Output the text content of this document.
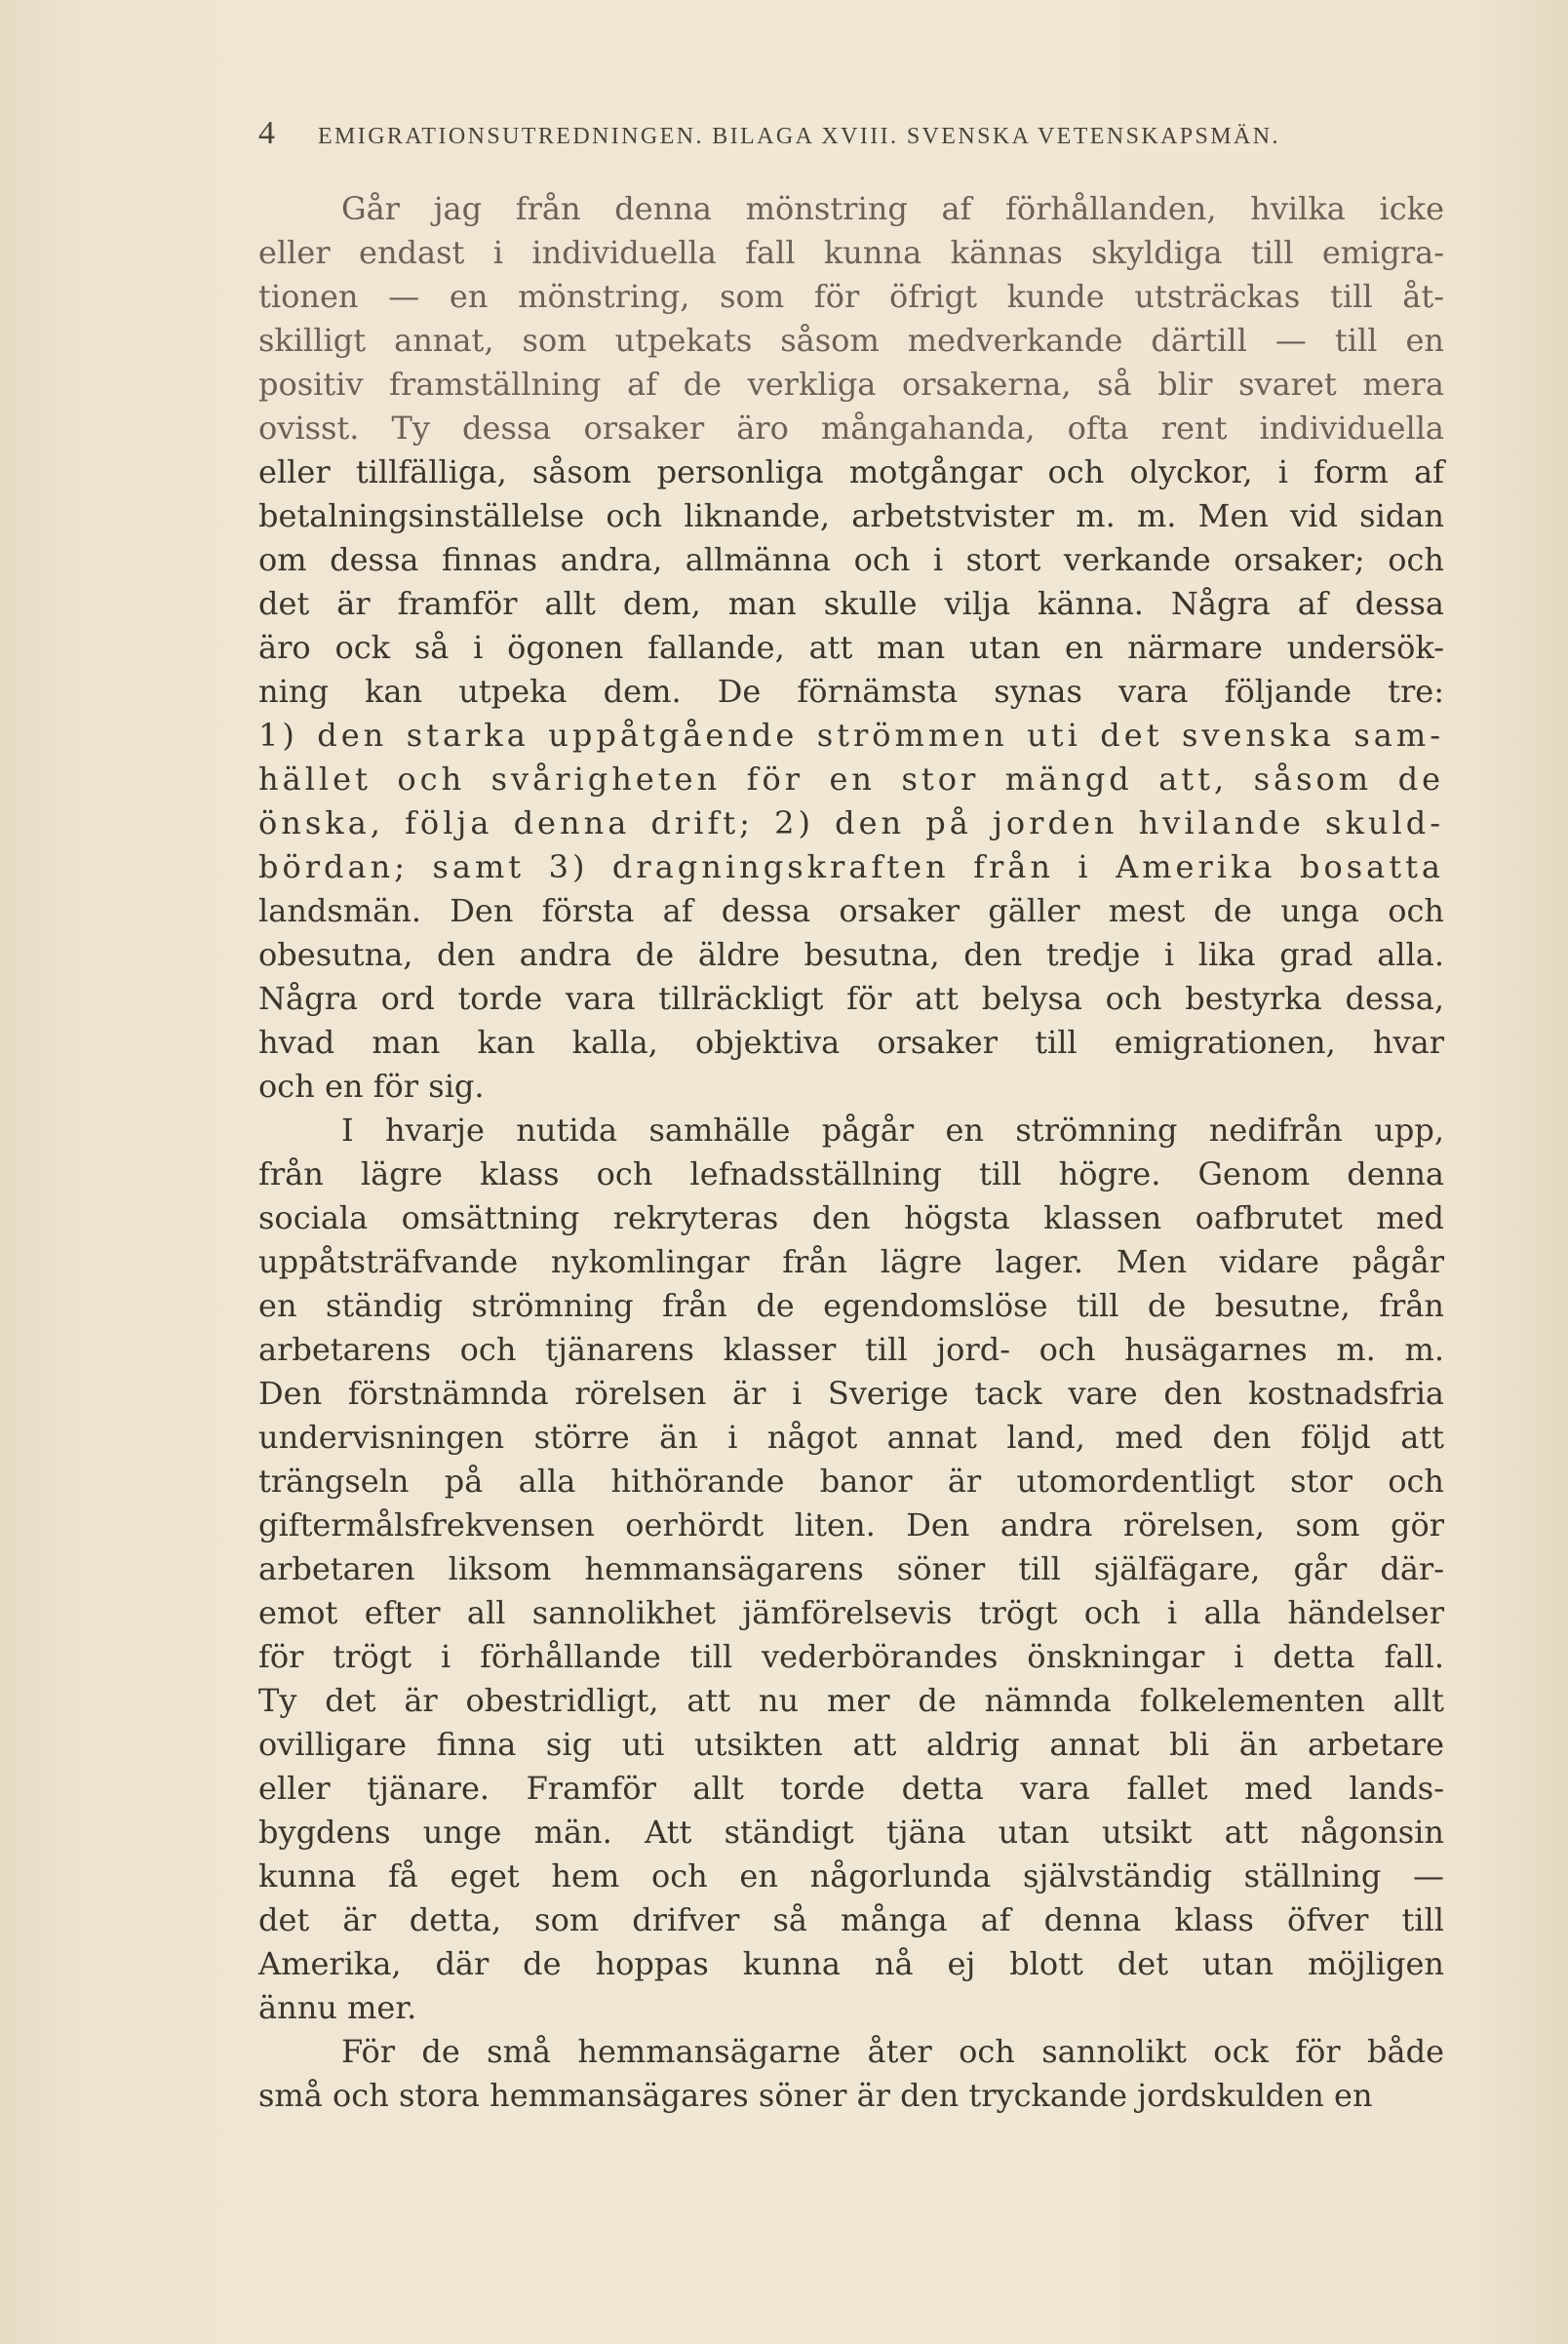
4 EMIGRATIONSUTREDNINGEN. BILAGA XVIII. SVENSKA VETENSKAPSMÄN.
Går jag från denna mönstring af förhållanden, hvilka icke
eller endast i individuella fall kunna kännas skyldiga till emigra-
tionen — en mönstring, som för öfrigt kunde utsträckas till åt-
skilligt annat, som utpekats såsom medverkande därtill — till en
positiv framställning af de verkliga orsakerna, så blir svaret mera
ovisst. Ty dessa orsaker äro mångahanda, ofta rent individuella
eller tillfälliga, såsom personliga motgångar och olyckor, i form af
betalningsinställelse och liknande, arbetstvister m. m. Men vid sidan
om dessa finnas andra, allmänna och i stort verkande orsaker; och
det är framför allt dem, man skulle vilja känna. Några af dessa
äro ock så i ögonen fallande, att man utan en närmare undersök-
ning kan utpeka dem. De förnämsta synas vara följande tre:
1) den starka uppåtgående strömmen uti det svenska sam-
hället och svårigheten för en stor mängd att, såsom de
önska, följa denna drift; 2) den på jorden hvilande skuld-
bördan; samt 3) dragningskraften från i Amerika bosatta
landsmän. Den första af dessa orsaker gäller mest de unga och
obesutna, den andra de äldre besutna, den tredje i lika grad alla.
Några ord torde vara tillräckligt för att belysa och bestyrka dessa,
hvad man kan kalla, objektiva orsaker till emigrationen, hvar
och en för sig.
I hvarje nutida samhälle pågår en strömning nedifrån upp,
från lägre klass och lefnadsställning till högre. Genom denna
sociala omsättning rekryteras den högsta klassen oafbrutet med
uppåtsträfvande nykomlingar från lägre lager. Men vidare pågår
en ständig strömning från de egendomslöse till de besutne, från
arbetarens och tjänarens klasser till jord- och husägarnes m. m.
Den förstnämnda rörelsen är i Sverige tack vare den kostnadsfria
undervisningen större än i något annat land, med den följd att
trängseln på alla hithörande banor är utomordentligt stor och
giftermålsfrekvensen oerhördt liten. Den andra rörelsen, som gör
arbetaren liksom hemmansägarens söner till själfägare, går där-
emot efter all sannolikhet jämförelsevis trögt och i alla händelser
för trögt i förhållande till vederbörandes önskningar i detta fall.
Ty det är obestridligt, att nu mer de nämnda folkelementen allt
ovilligare finna sig uti utsikten att aldrig annat bli än arbetare
eller tjänare. Framför allt torde detta vara fallet med lands-
bygdens unge män. Att ständigt tjäna utan utsikt att någonsin
kunna få eget hem och en någorlunda självständig ställning —
det är detta, som drifver så många af denna klass öfver till
Amerika, där de hoppas kunna nå ej blott det utan möjligen
ännu mer.
För de små hemmansägarne åter och sannolikt ock för både
små och stora hemmansägares söner är den tryckande jordskulden en
